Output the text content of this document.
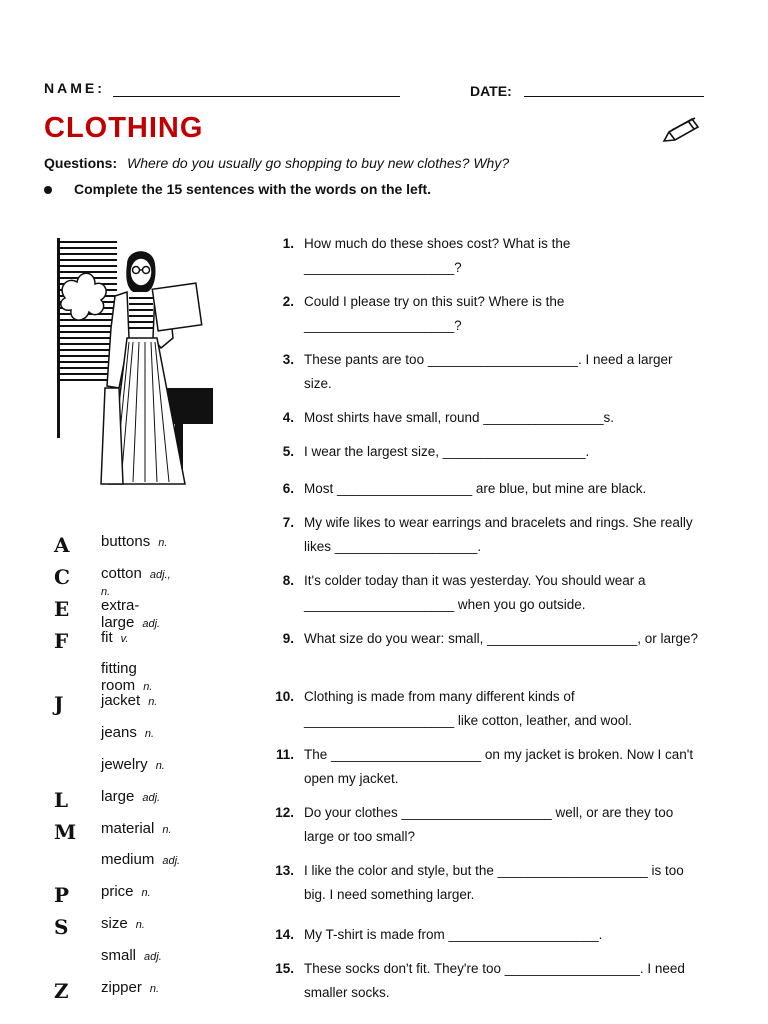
NAME:	DATE:
CLOTHING
Questions: Where do you usually go shopping to buy new clothes? Why?
Complete the 15 sentences with the words on the left.
A	buttons n.
C	cotton adj., n.
E	extra-large adj.
F	fit v.
fitting room n.
J	jacket n.
jeans n.
jewelry n.
L	large adj.
M material n.
medium adj.
P	price n.
S	size n.
small adj.
Z	zipper n.
1. How much do these shoes cost? What is the ____________________?
2. Could I please try on this suit? Where is the ____________________?
3. These pants are too ____________________. I need a larger size.
4. Most shirts have small, round ________________s.
5. I wear the largest size, ___________________.
6. Most __________________ are blue, but mine are black.
7. My wife likes to wear earrings and bracelets and rings. She really likes ___________________.
8. It's colder today than it was yesterday. You should wear a ____________________ when you go outside.
9. What size do you wear: small, ____________________, or large?
10. Clothing is made from many different kinds of ____________________ like cotton, leather, and wool.
11. The ____________________ on my jacket is broken. Now I can't open my jacket.
12. Do your clothes ____________________ well, or are they too large or too small?
13. I like the color and style, but the ____________________ is too big. I need something larger.
14. My T-shirt is made from ____________________.
15. These socks don't fit. They're too __________________. I need smaller socks.
